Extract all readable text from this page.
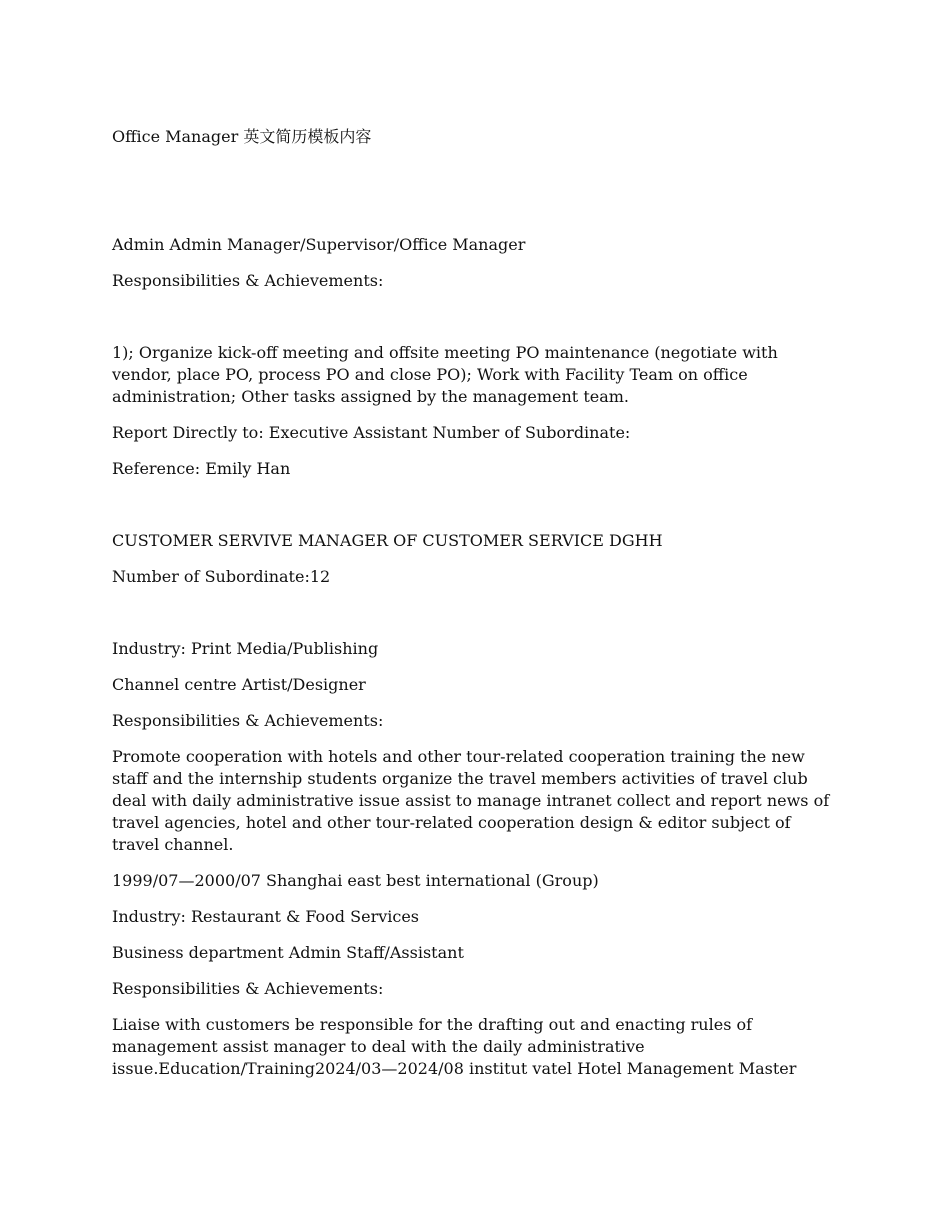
Office Manager 英文简历模板内容

Admin Admin Manager/Supervisor/Office Manager

Responsibilities & Achievements:

1); Organize kick-off meeting and offsite meeting PO maintenance (negotiate with vendor, place PO, process PO and close PO); Work with Facility Team on office administration; Other tasks assigned by the management team.

Report Directly to: Executive Assistant Number of Subordinate:

Reference: Emily Han

CUSTOMER SERVIVE MANAGER OF CUSTOMER SERVICE DGHH

Number of Subordinate:12

Industry: Print Media/Publishing

Channel centre Artist/Designer

Responsibilities & Achievements:

Promote cooperation with hotels and other tour-related cooperation training the new staff and the internship students organize the travel members activities of travel club deal with daily administrative issue assist to manage intranet collect and report news of travel agencies, hotel and other tour-related cooperation design & editor subject of travel channel.

1999/07—2000/07 Shanghai east best international (Group)

Industry: Restaurant & Food Services

Business department Admin Staff/Assistant

Responsibilities & Achievements:

Liaise with customers be responsible for the drafting out and enacting rules of management assist manager to deal with the daily administrative issue.Education/Training2024/03—2024/08 institut vatel Hotel Management Master
